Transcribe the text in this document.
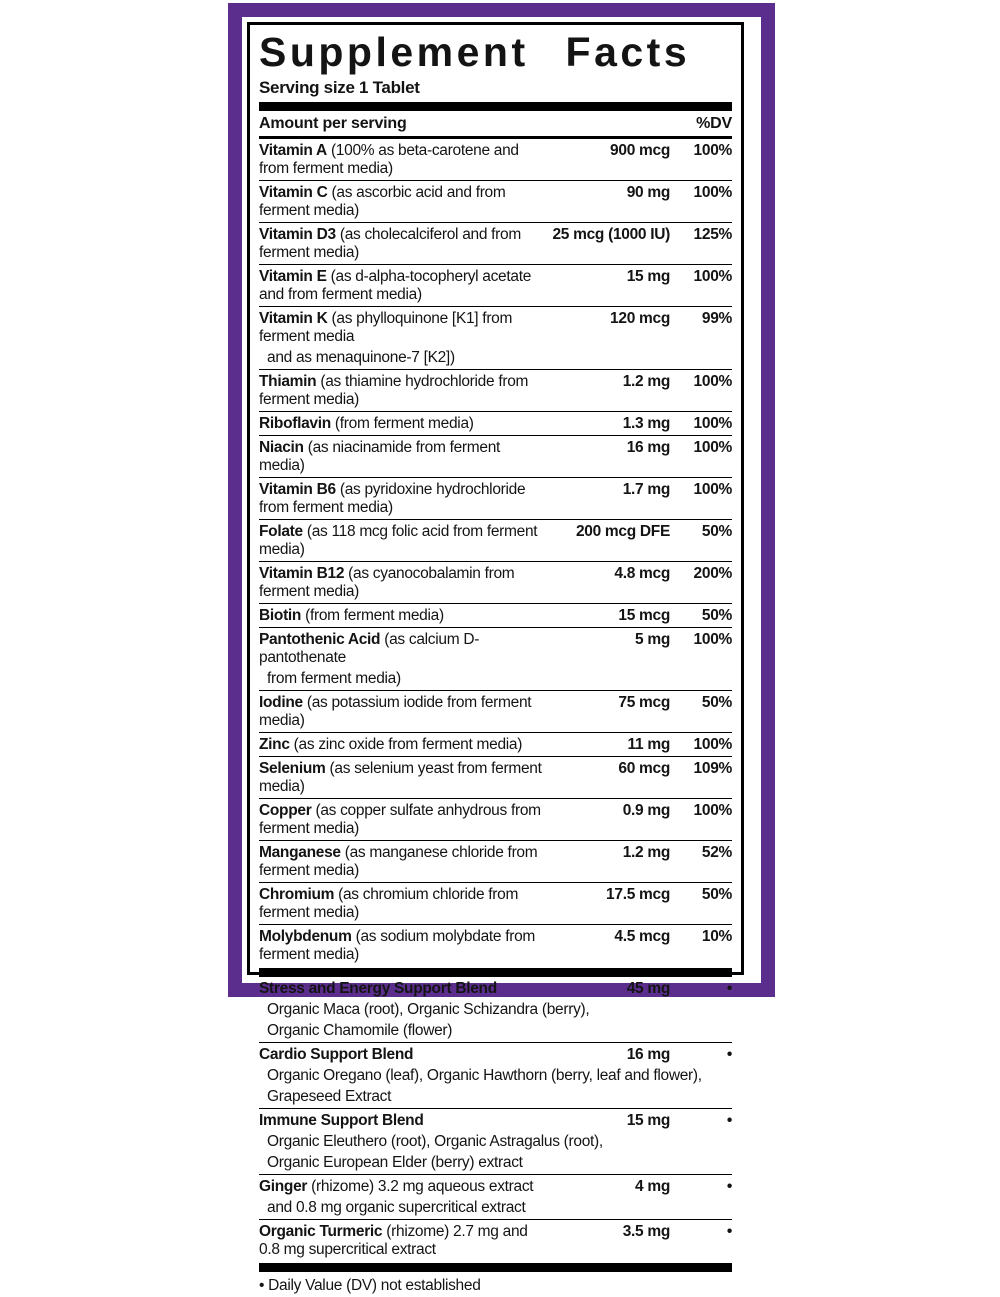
Supplement Facts
Serving size 1 Tablet
Amount per serving	%DV
Vitamin A (100% as beta-carotene and from ferment media)
900 mcg	100%
Vitamin C (as ascorbic acid and from ferment media)
90 mg	100%
Vitamin D3 (as cholecalciferol and from ferment media)
25 mcg (1000 IU)	125%
Vitamin E (as d-alpha-tocopheryl acetate and from ferment media)
15 mg	100%
Vitamin K (as phylloquinone [K1] from ferment media
120 mcg	99%
and as menaquinone-7 [K2])
Thiamin (as thiamine hydrochloride from ferment media)
1.2 mg	100%
Riboflavin (from ferment media)	1.3 mg	100%
Niacin (as niacinamide from ferment media)
16 mg	100%
Vitamin B6 (as pyridoxine hydrochloride from ferment media)
1.7 mg	100%
Folate (as 118 mcg folic acid from ferment media)
200 mcg DFE	50%
Vitamin B12 (as cyanocobalamin from ferment media)
4.8 mcg	200%
Biotin (from ferment media)	15 mcg	50%
Pantothenic Acid (as calcium D-pantothenate
5 mg	100%
from ferment media)
Iodine (as potassium iodide from ferment media)
75 mcg	50%
Zinc (as zinc oxide from ferment media)	11 mg	100%
Selenium (as selenium yeast from ferment media)
60 mcg	109%
Copper (as copper sulfate anhydrous from ferment media)
0.9 mg	100%
Manganese (as manganese chloride from ferment media)
1.2 mg	52%
Chromium (as chromium chloride from ferment media)
17.5 mcg	50%
Molybdenum (as sodium molybdate from ferment media)
4.5 mcg	10%
Stress and Energy Support Blend	45 mg	•
Organic Maca (root), Organic Schizandra (berry),
Organic Chamomile (flower)
Cardio Support Blend	16 mg	•
Organic Oregano (leaf), Organic Hawthorn (berry, leaf and flower),
Grapeseed Extract
Immune Support Blend	15 mg	•
Organic Eleuthero (root), Organic Astragalus (root),
Organic European Elder (berry) extract
Ginger (rhizome) 3.2 mg aqueous extract	4 mg	•
and 0.8 mg organic supercritical extract
Organic Turmeric (rhizome) 2.7 mg and 0.8 mg supercritical extract
3.5 mg	•
• Daily Value (DV) not established
